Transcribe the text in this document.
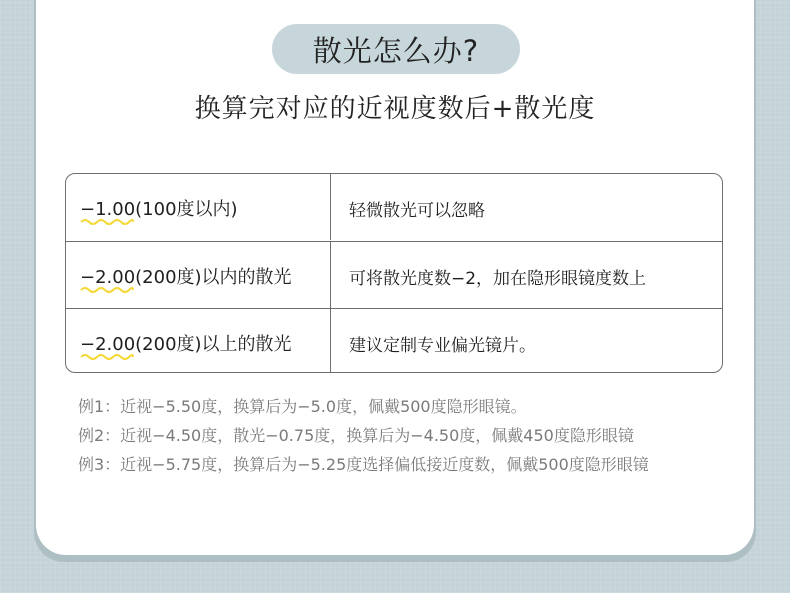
散光怎么办?
换算完对应的近视度数后+散光度
−1.00(100度以内)	轻微散光可以忽略
−2.00(200度)以内的散光	可将散光度数−2，加在隐形眼镜度数上
−2.00(200度)以上的散光	建议定制专业偏光镜片。
例1：近视−5.50度，换算后为−5.0度，佩戴500度隐形眼镜。
例2：近视−4.50度，散光−0.75度，换算后为−4.50度，佩戴450度隐形眼镜
例3：近视−5.75度，换算后为−5.25度选择偏低接近度数，佩戴500度隐形眼镜
